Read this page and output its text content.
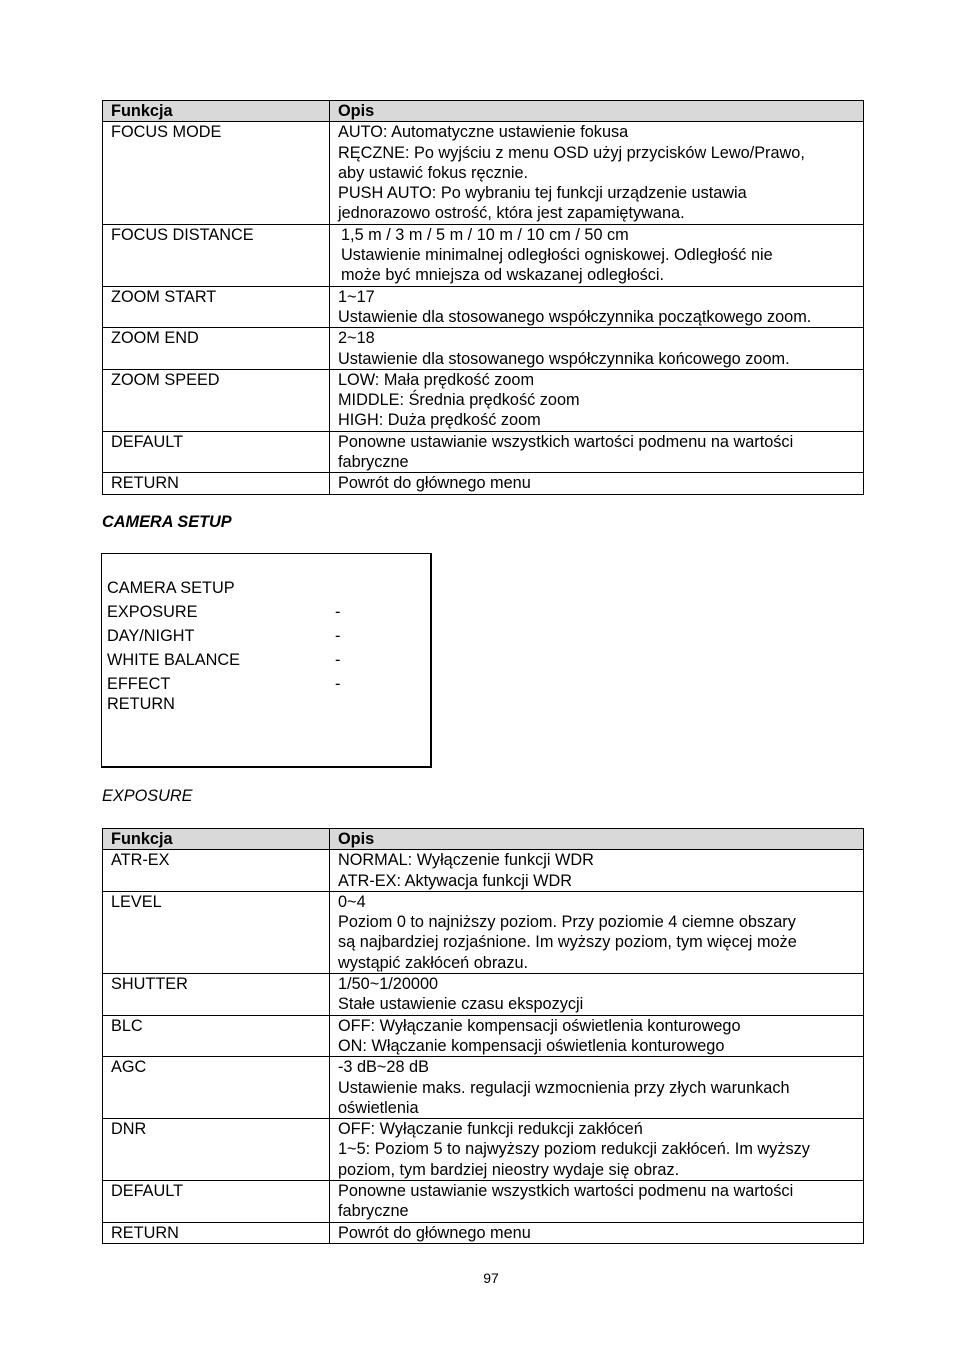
Funkcja	Opis
FOCUS MODE	AUTO: Automatyczne ustawienie fokusa
RĘCZNE: Po wyjściu z menu OSD użyj przycisków Lewo/Prawo,
aby ustawić fokus ręcznie.
PUSH AUTO: Po wybraniu tej funkcji urządzenie ustawia
jednorazowo ostrość, która jest zapamiętywana.

FOCUS DISTANCE	1,5 m / 3 m / 5 m / 10 m / 10 cm / 50 cm
Ustawienie minimalnej odległości ogniskowej. Odległość nie
może być mniejsza od wskazanej odległości.

ZOOM START	1~17
Ustawienie dla stosowanego współczynnika początkowego zoom.

ZOOM END	2~18
Ustawienie dla stosowanego współczynnika końcowego zoom.

ZOOM SPEED	LOW: Mała prędkość zoom
MIDDLE: Średnia prędkość zoom
HIGH: Duża prędkość zoom

DEFAULT	Ponowne ustawianie wszystkich wartości podmenu na wartości
fabryczne

RETURN	Powrót do głównego menu
CAMERA SETUP
CAMERA SETUP
EXPOSURE	-
DAY/NIGHT	-
WHITE BALANCE	-
EFFECT	-
RETURN
EXPOSURE
Funkcja	Opis
ATR-EX	NORMAL: Wyłączenie funkcji WDR
ATR-EX: Aktywacja funkcji WDR

LEVEL	0~4
Poziom 0 to najniższy poziom. Przy poziomie 4 ciemne obszary
są najbardziej rozjaśnione. Im wyższy poziom, tym więcej może
wystąpić zakłóceń obrazu.

SHUTTER	1/50~1/20000
Stałe ustawienie czasu ekspozycji

BLC	OFF: Wyłączanie kompensacji oświetlenia konturowego
ON: Włączanie kompensacji oświetlenia konturowego

AGC	-3 dB~28 dB
Ustawienie maks. regulacji wzmocnienia przy złych warunkach
oświetlenia

DNR	OFF: Wyłączanie funkcji redukcji zakłóceń
1~5: Poziom 5 to najwyższy poziom redukcji zakłóceń. Im wyższy
poziom, tym bardziej nieostry wydaje się obraz.

DEFAULT	Ponowne ustawianie wszystkich wartości podmenu na wartości
fabryczne

RETURN	Powrót do głównego menu
97
